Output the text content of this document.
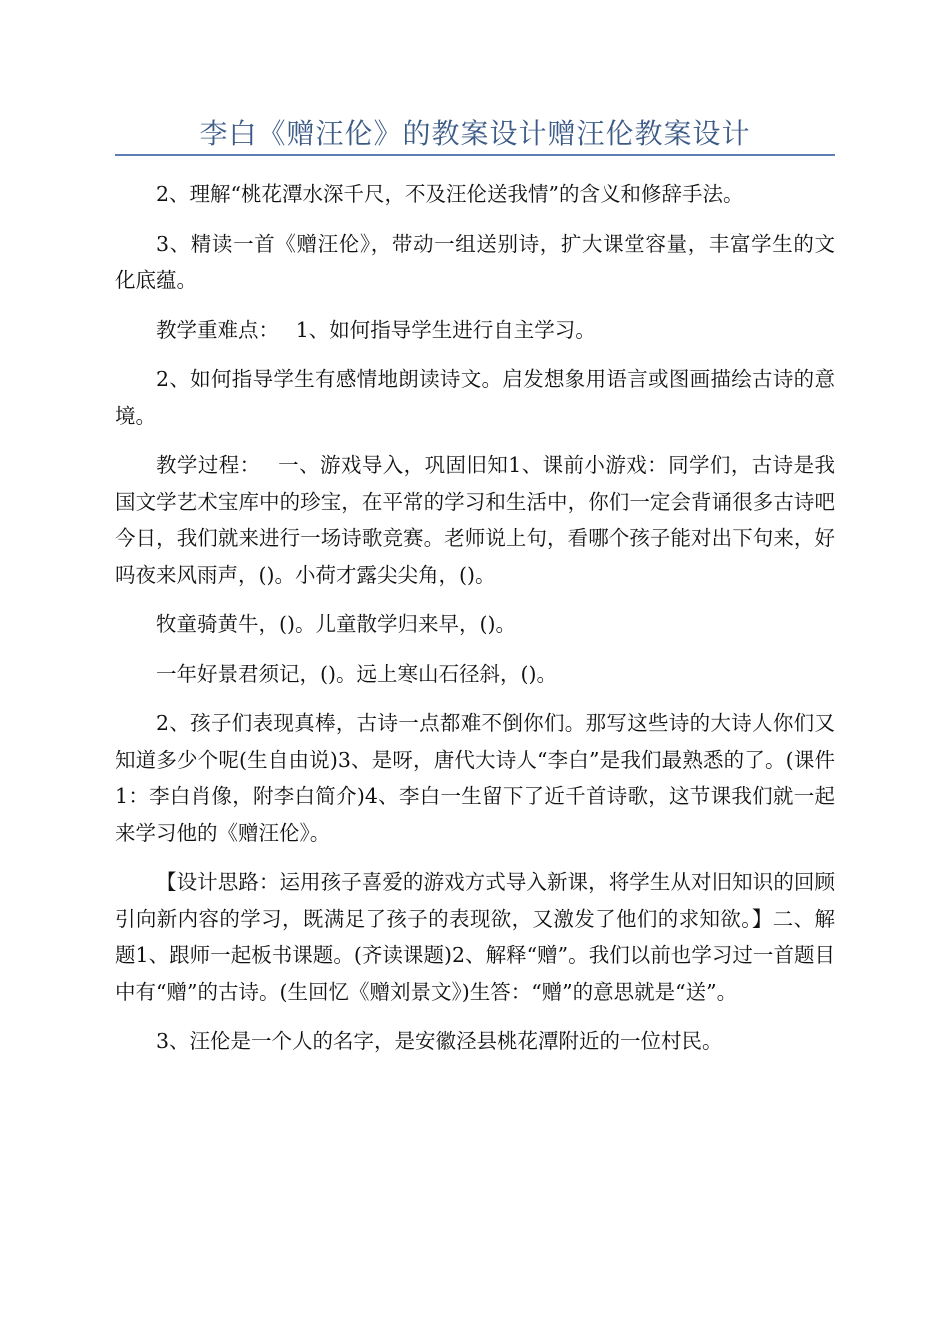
李白《赠汪伦》的教案设计赠汪伦教案设计

2、理解“桃花潭水深千尺，不及汪伦送我情”的含义和修辞手法。

3、精读一首《赠汪伦》，带动一组送别诗，扩大课堂容量，丰富学生的文化底蕴。

教学重难点：　 1、如何指导学生进行自主学习。

2、如何指导学生有感情地朗读诗文。启发想象用语言或图画描绘古诗的意境。

教学过程：　 一、游戏导入，巩固旧知1、课前小游戏：同学们，古诗是我国文学艺术宝库中的珍宝，在平常的学习和生活中，你们一定会背诵很多古诗吧今日，我们就来进行一场诗歌竞赛。老师说上句，看哪个孩子能对出下句来，好吗夜来风雨声，()。小荷才露尖尖角，()。

牧童骑黄牛，()。儿童散学归来早，()。

一年好景君须记，()。远上寒山石径斜，()。

2、孩子们表现真棒，古诗一点都难不倒你们。那写这些诗的大诗人你们又知道多少个呢(生自由说)3、是呀，唐代大诗人“李白”是我们最熟悉的了。(课件1：李白肖像，附李白简介)4、李白一生留下了近千首诗歌，这节课我们就一起来学习他的《赠汪伦》。

【设计思路：运用孩子喜爱的游戏方式导入新课，将学生从对旧知识的回顾引向新内容的学习，既满足了孩子的表现欲，又激发了他们的求知欲。】二、解题1、跟师一起板书课题。(齐读课题)2、解释“赠”。我们以前也学习过一首题目中有“赠”的古诗。(生回忆《赠刘景文》)生答：“赠”的意思就是“送”。

3、汪伦是一个人的名字，是安徽泾县桃花潭附近的一位村民。
